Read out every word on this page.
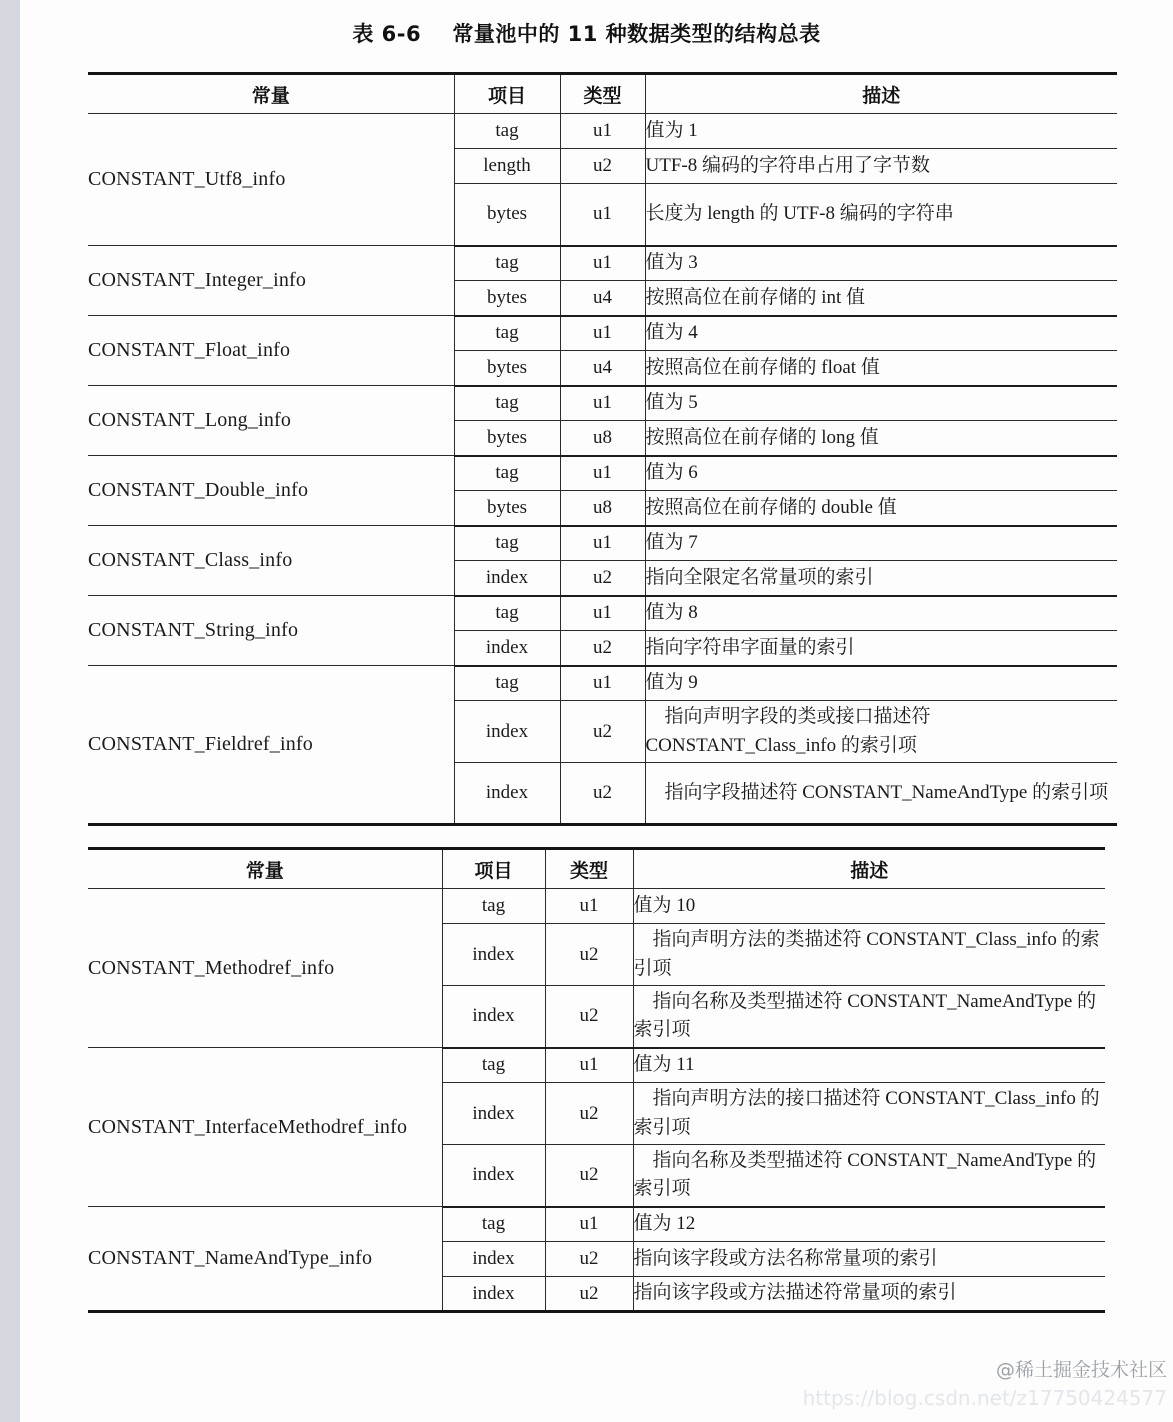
表 6-6    常量池中的 11 种数据类型的结构总表
常量	项目	类型	描述
CONSTANT_Utf8_info	tag	u1	值为 1
	length	u2	UTF-8 编码的字符串占用了字节数
	bytes	u1	长度为 length 的 UTF-8 编码的字符串
CONSTANT_Integer_info	tag	u1	值为 3
	bytes	u4	按照高位在前存储的 int 值
CONSTANT_Float_info	tag	u1	值为 4
	bytes	u4	按照高位在前存储的 float 值
CONSTANT_Long_info	tag	u1	值为 5
	bytes	u8	按照高位在前存储的 long 值
CONSTANT_Double_info	tag	u1	值为 6
	bytes	u8	按照高位在前存储的 double 值
CONSTANT_Class_info	tag	u1	值为 7
	index	u2	指向全限定名常量项的索引
CONSTANT_String_info	tag	u1	值为 8
	index	u2	指向字符串字面量的索引
CONSTANT_Fieldref_info	tag	u1	值为 9
	index	u2	　指向声明字段的类或接口描述符 CONSTANT_Class_info 的索引项
	index	u2	　指向字段描述符 CONSTANT_NameAndType 的索引项
常量	项目	类型	描述
CONSTANT_Methodref_info	tag	u1	值为 10
	index	u2	　指向声明方法的类描述符 CONSTANT_Class_info 的索引项
	index	u2	　指向名称及类型描述符 CONSTANT_NameAndType 的索引项
CONSTANT_InterfaceMethodref_info	tag	u1	值为 11
	index	u2	　指向声明方法的接口描述符 CONSTANT_Class_info 的索引项
	index	u2	　指向名称及类型描述符 CONSTANT_NameAndType 的索引项
CONSTANT_NameAndType_info	tag	u1	值为 12
	index	u2	指向该字段或方法名称常量项的索引
	index	u2	指向该字段或方法描述符常量项的索引
@稀土掘金技术社区
https://blog.csdn.net/z17750424577
